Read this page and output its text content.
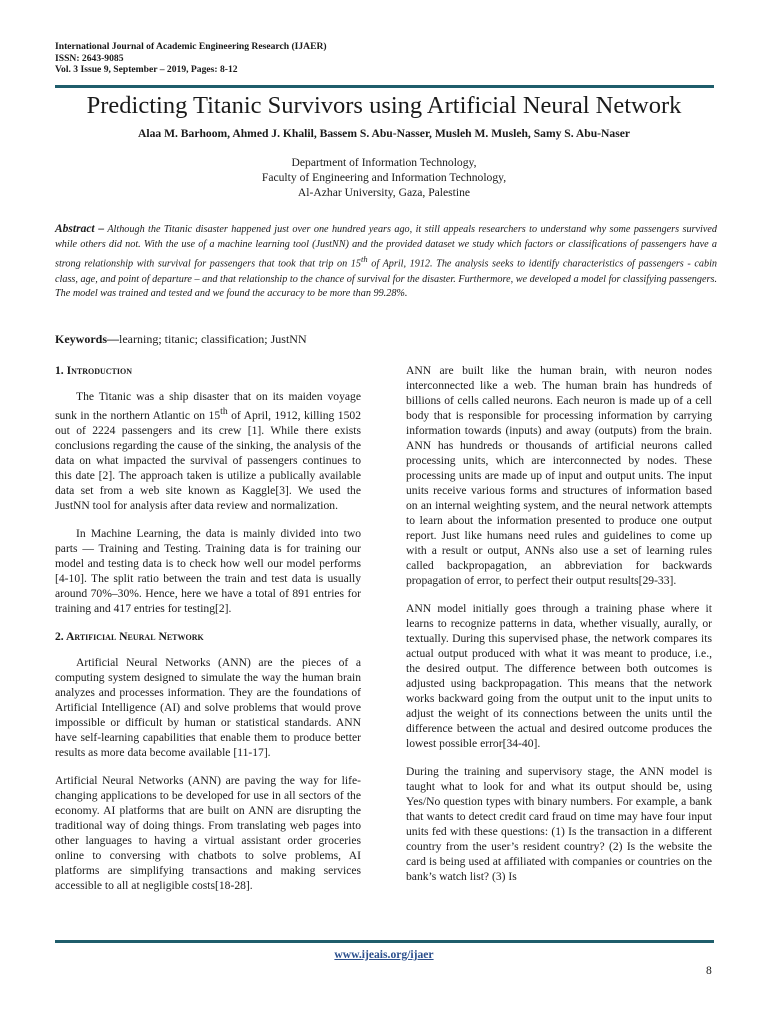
International Journal of Academic Engineering Research (IJAER)
ISSN: 2643-9085
Vol. 3 Issue 9, September – 2019, Pages: 8-12
Predicting Titanic Survivors using Artificial Neural Network
Alaa M. Barhoom, Ahmed J. Khalil, Bassem S. Abu-Nasser, Musleh M. Musleh, Samy S. Abu-Naser
Department of Information Technology,
Faculty of Engineering and Information Technology,
Al-Azhar University, Gaza, Palestine
Abstract – Although the Titanic disaster happened just over one hundred years ago, it still appeals researchers to understand why some passengers survived while others did not. With the use of a machine learning tool (JustNN) and the provided dataset we study which factors or classifications of passengers have a strong relationship with survival for passengers that took that trip on 15th of April, 1912. The analysis seeks to identify characteristics of passengers - cabin class, age, and point of departure – and that relationship to the chance of survival for the disaster. Furthermore, we developed a model for classifying passengers. The model was trained and tested and we found the accuracy to be more than 99.28%.
Keywords—learning; titanic; classification; JustNN
1. Introduction

The Titanic was a ship disaster that on its maiden voyage sunk in the northern Atlantic on 15th of April, 1912, killing 1502 out of 2224 passengers and its crew [1]. While there exists conclusions regarding the cause of the sinking, the analysis of the data on what impacted the survival of passengers continues to this date [2]. The approach taken is utilize a publically available data set from a web site known as Kaggle[3]. We used the JustNN tool for analysis after data review and normalization.

In Machine Learning, the data is mainly divided into two parts — Training and Testing. Training data is for training our model and testing data is to check how well our model performs [4-10]. The split ratio between the train and test data is usually around 70%–30%. Hence, here we have a total of 891 entries for training and 417 entries for testing[2].

2. Artificial Neural Network

Artificial Neural Networks (ANN) are the pieces of a computing system designed to simulate the way the human brain analyzes and processes information. They are the foundations of Artificial Intelligence (AI) and solve problems that would prove impossible or difficult by human or statistical standards. ANN have self-learning capabilities that enable them to produce better results as more data become available [11-17].

Artificial Neural Networks (ANN) are paving the way for life-changing applications to be developed for use in all sectors of the economy. AI platforms that are built on ANN are disrupting the traditional way of doing things. From translating web pages into other languages to having a virtual assistant order groceries online to conversing with chatbots to solve problems, AI platforms are simplifying transactions and making services accessible to all at negligible costs[18-28].

ANN are built like the human brain, with neuron nodes interconnected like a web. The human brain has hundreds of billions of cells called neurons. Each neuron is made up of a cell body that is responsible for processing information by carrying information towards (inputs) and away (outputs) from the brain. ANN has hundreds or thousands of artificial neurons called processing units, which are interconnected by nodes. These processing units are made up of input and output units. The input units receive various forms and structures of information based on an internal weighting system, and the neural network attempts to learn about the information presented to produce one output report. Just like humans need rules and guidelines to come up with a result or output, ANNs also use a set of learning rules called backpropagation, an abbreviation for backwards propagation of error, to perfect their output results[29-33].

ANN model initially goes through a training phase where it learns to recognize patterns in data, whether visually, aurally, or textually. During this supervised phase, the network compares its actual output produced with what it was meant to produce, i.e., the desired output. The difference between both outcomes is adjusted using backpropagation. This means that the network works backward going from the output unit to the input units to adjust the weight of its connections between the units until the difference between the actual and desired outcome produces the lowest possible error[34-40].

During the training and supervisory stage, the ANN model is taught what to look for and what its output should be, using Yes/No question types with binary numbers. For example, a bank that wants to detect credit card fraud on time may have four input units fed with these questions: (1) Is the transaction in a different country from the user’s resident country? (2) Is the website the card is being used at affiliated with companies or countries on the bank’s watch list? (3) Is

www.ijeais.org/ijaer
8
